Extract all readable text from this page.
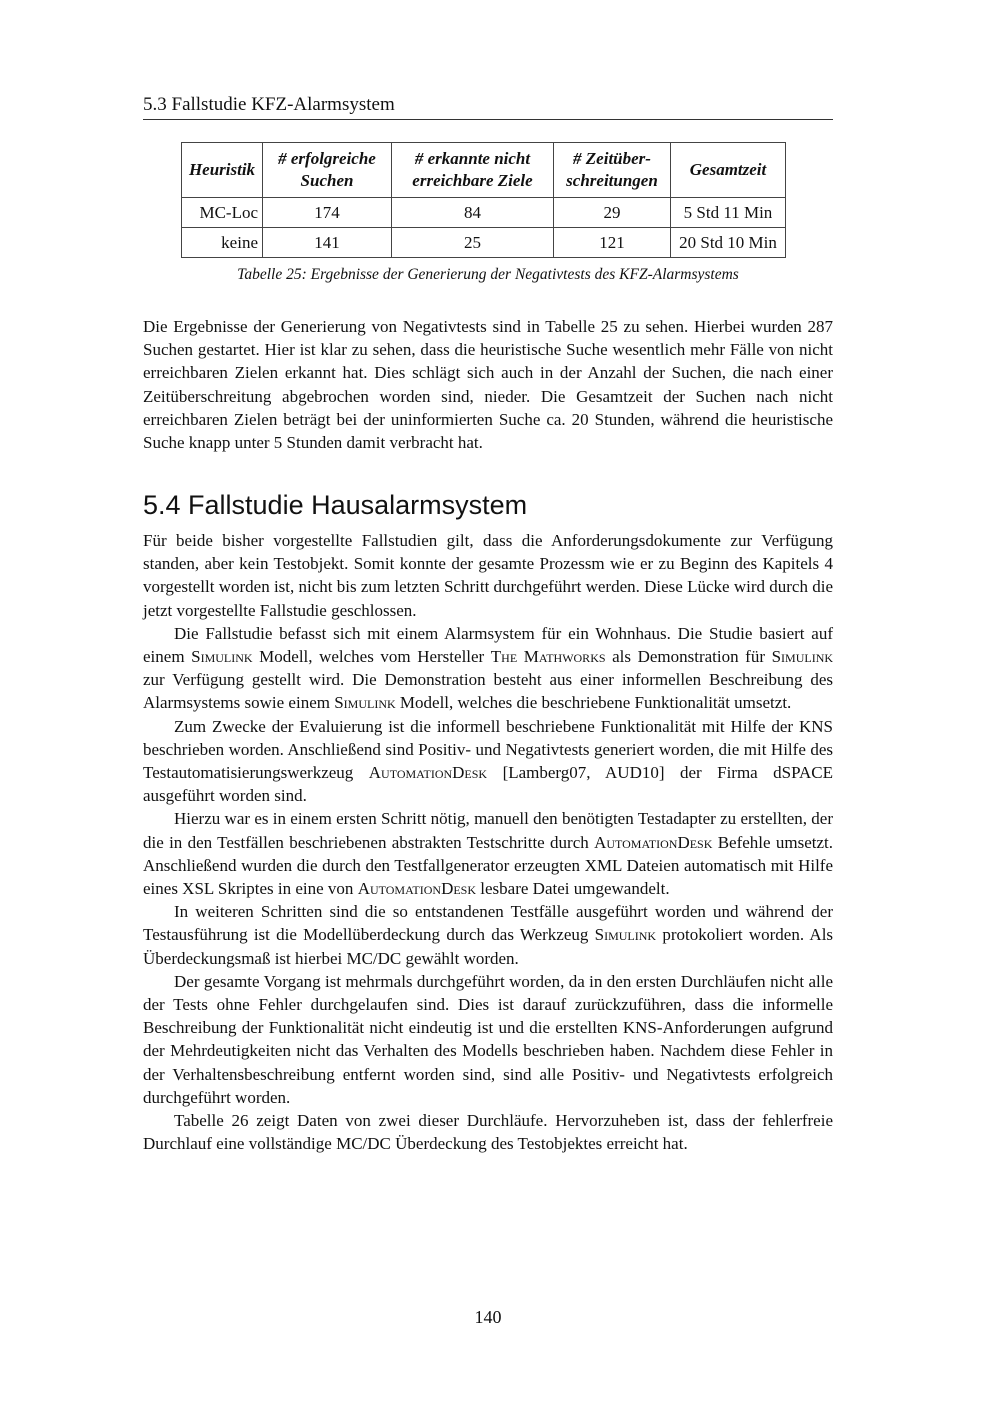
5.3 Fallstudie KFZ-Alarmsystem
Heuristik	# erfolgreiche Suchen	# erkannte nicht erreichbare Ziele	# Zeitüber- schreitungen	Gesamtzeit
MC-Loc	174	84	29	5 Std 11 Min
keine	141	25	121	20 Std 10 Min
Tabelle 25: Ergebnisse der Generierung der Negativtests des KFZ-Alarmsystems

Die Ergebnisse der Generierung von Negativtests sind in Tabelle 25 zu sehen. Hierbei wurden 287 Suchen gestartet. Hier ist klar zu sehen, dass die heuristische Suche wesentlich mehr Fälle von nicht erreichbaren Zielen erkannt hat. Dies schlägt sich auch in der Anzahl der Suchen, die nach einer Zeitüberschreitung abgebrochen worden sind, nieder. Die Gesamtzeit der Suchen nach nicht erreichbaren Zielen beträgt bei der uninformierten Suche ca. 20 Stunden, während die heuristische Suche knapp unter 5 Stunden damit verbracht hat.

5.4 Fallstudie Hausalarmsystem

Für beide bisher vorgestellte Fallstudien gilt, dass die Anforderungsdokumente zur Verfügung standen, aber kein Testobjekt. Somit konnte der gesamte Prozessm wie er zu Beginn des Kapitels 4 vorgestellt worden ist, nicht bis zum letzten Schritt durchgeführt werden. Diese Lücke wird durch die jetzt vorgestellte Fallstudie geschlossen.

Die Fallstudie befasst sich mit einem Alarmsystem für ein Wohnhaus. Die Studie basiert auf einem Simulink Modell, welches vom Hersteller The Mathworks als Demonstration für Simulink zur Verfügung gestellt wird. Die Demonstration besteht aus einer informellen Beschreibung des Alarmsystems sowie einem Simulink Modell, welches die beschriebene Funktionalität umsetzt.

Zum Zwecke der Evaluierung ist die informell beschriebene Funktionalität mit Hilfe der KNS beschrieben worden. Anschließend sind Positiv- und Negativtests generiert worden, die mit Hilfe des Testautomatisierungswerkzeug AutomationDesk [Lamberg07, AUD10] der Firma dSPACE ausgeführt worden sind.

Hierzu war es in einem ersten Schritt nötig, manuell den benötigten Testadapter zu erstellten, der die in den Testfällen beschriebenen abstrakten Testschritte durch AutomationDesk Befehle umsetzt. Anschließend wurden die durch den Testfallgenerator erzeugten XML Dateien automatisch mit Hilfe eines XSL Skriptes in eine von AutomationDesk lesbare Datei umgewandelt.

In weiteren Schritten sind die so entstandenen Testfälle ausgeführt worden und während der Testausführung ist die Modellüberdeckung durch das Werkzeug Simulink protokoliert worden. Als Überdeckungsmaß ist hierbei MC/DC gewählt worden.

Der gesamte Vorgang ist mehrmals durchgeführt worden, da in den ersten Durchläufen nicht alle der Tests ohne Fehler durchgelaufen sind. Dies ist darauf zurückzuführen, dass die informelle Beschreibung der Funktionalität nicht eindeutig ist und die erstellten KNS-Anforderungen aufgrund der Mehrdeutigkeiten nicht das Verhalten des Modells beschrieben haben. Nachdem diese Fehler in der Verhaltensbeschreibung entfernt worden sind, sind alle Positiv- und Negativtests erfolgreich durchgeführt worden.

Tabelle 26 zeigt Daten von zwei dieser Durchläufe. Hervorzuheben ist, dass der fehlerfreie Durchlauf eine vollständige MC/DC Überdeckung des Testobjektes erreicht hat.

140
